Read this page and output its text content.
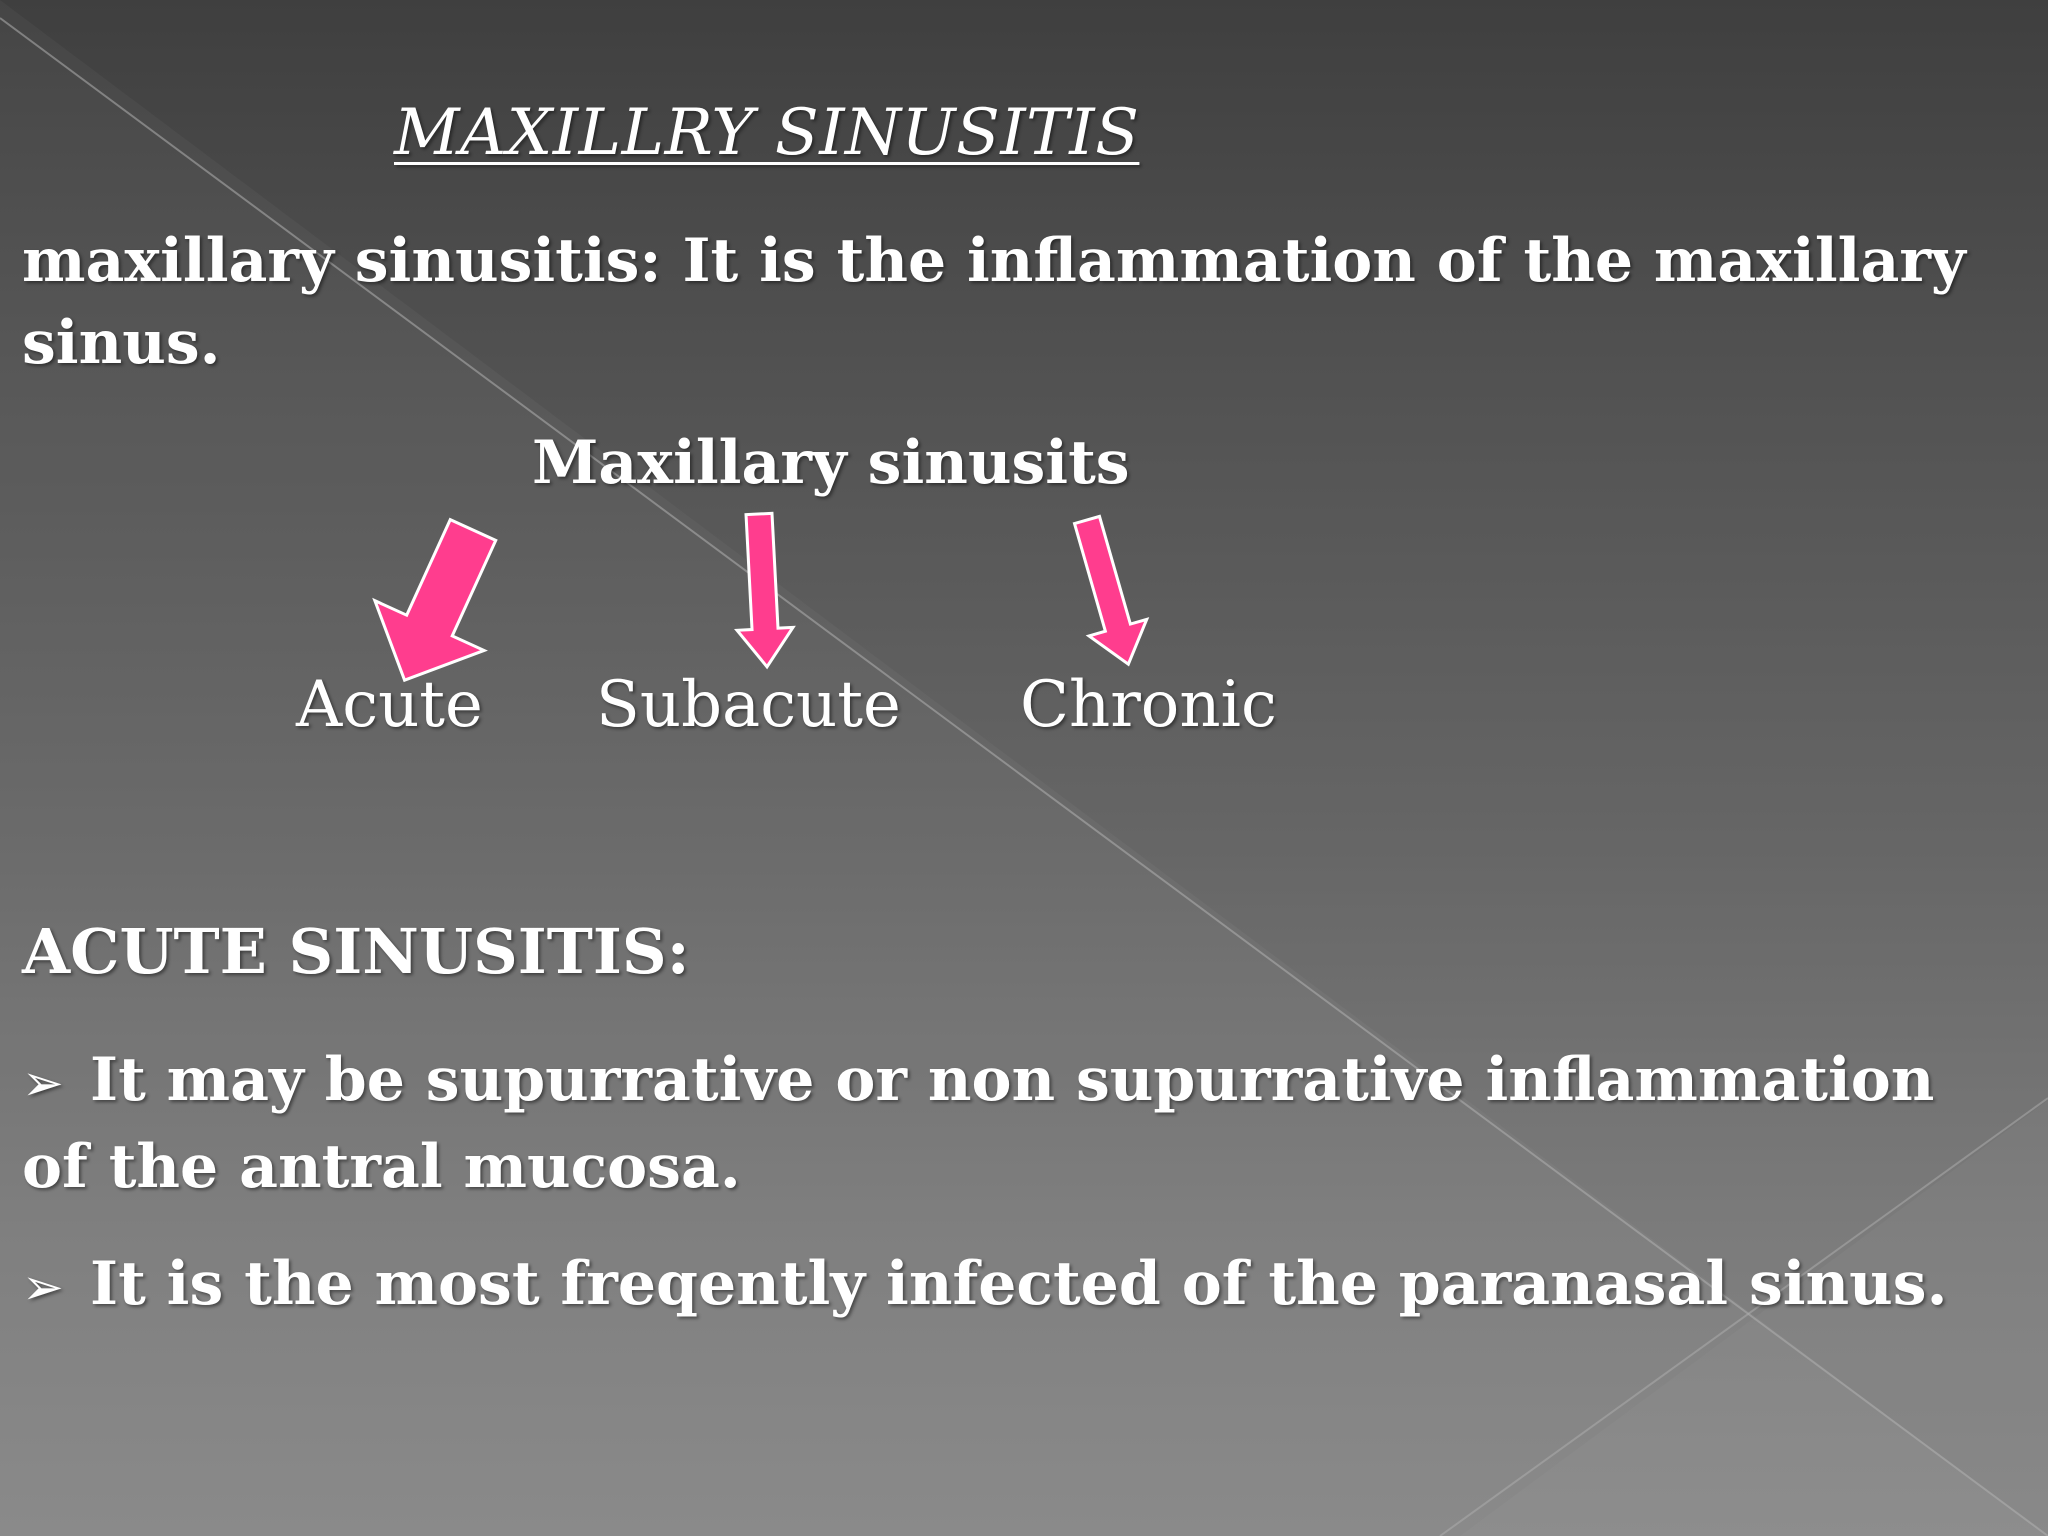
MAXILLRY SINUSITIS
maxillary sinusitis: It is the inflammation of the maxillary sinus.
Maxillary sinusits
Acute Subacute Chronic
ACUTE SINUSITIS:
➢ It may be supurrative or non supurrative inflammation of the antral mucosa.
➢ It is the most freqently infected of the paranasal sinus.
